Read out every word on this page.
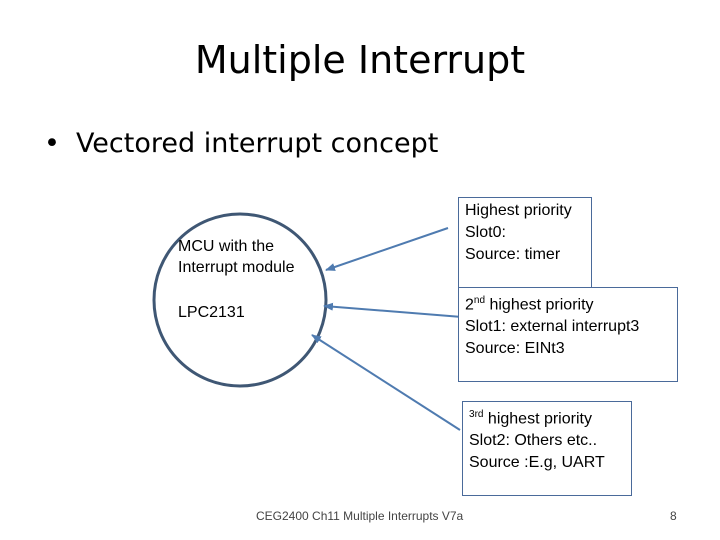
Multiple Interrupt
• Vectored interrupt concept
MCU with the
Interrupt module
LPC2131
Highest priority
Slot0:
Source: timer
2nd highest priority
Slot1: external interrupt3
Source: EINt3
$^{3rd}$ highest priority
Slot2: Others etc..
Source :E.g, UART
CEG2400 Ch11 Multiple Interrupts V7a	8
